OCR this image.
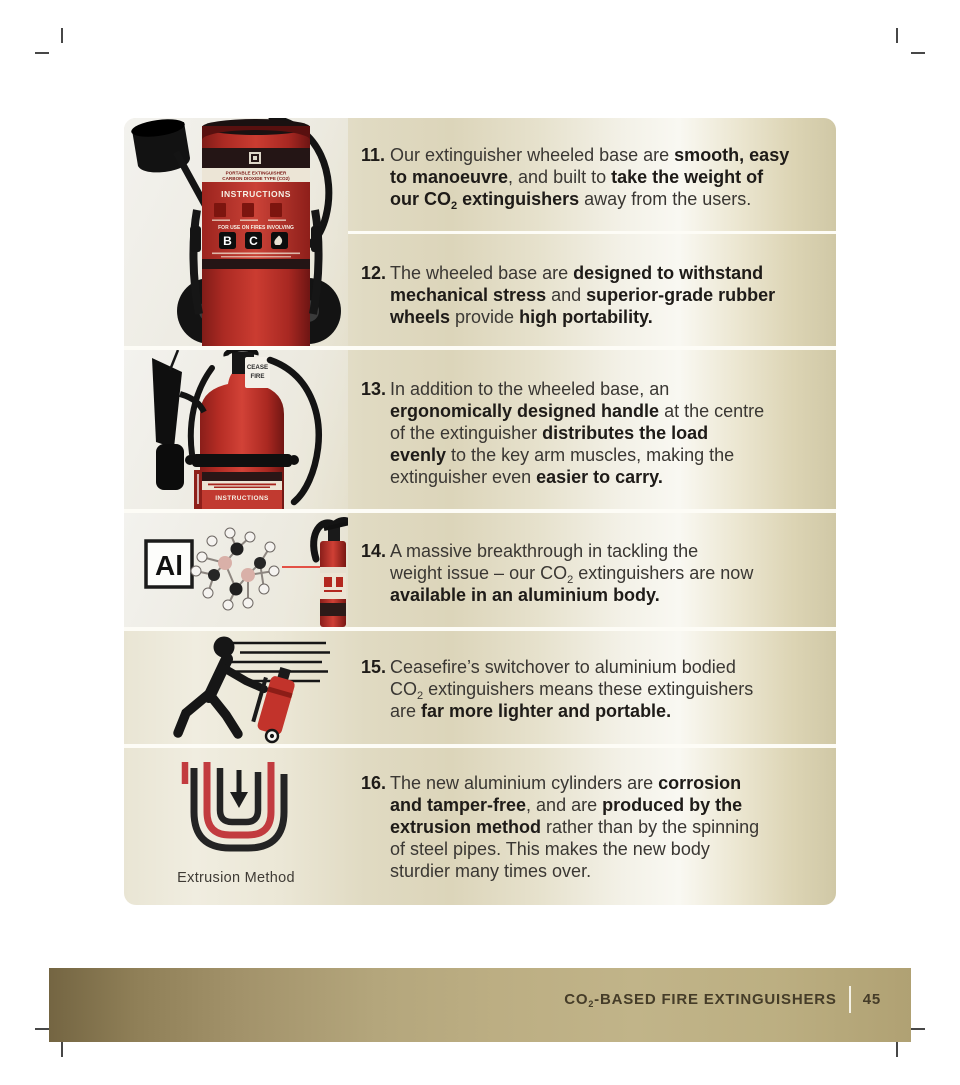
PORTABLE EXTINGUISHER
CARBON DIOXIDE TYPE (CO2)
INSTRUCTIONS
FOR USE ON FIRES INVOLVING
B C
INSTRUCTIONS
CEASE
FIRE
Al
Extrusion Method
11. Our extinguisher wheeled base are smooth, easy
to manoeuvre, and built to take the weight of
our $CO_2$ extinguishers away from the users.
12. The wheeled base are designed to withstand
mechanical stress and superior-grade rubber
wheels provide high portability.
13. In addition to the wheeled base, an
ergonomically designed handle at the centre
of the extinguisher distributes the load
evenly to the key arm muscles, making the
extinguisher even easier to carry.
14. A massive breakthrough in tackling the
weight issue – our $CO_2$ extinguishers are now
available in an aluminium body.
15. Ceasefire’s switchover to aluminium bodied
$CO_2$ extinguishers means these extinguishers
are far more lighter and portable.
16. The new aluminium cylinders are corrosion
and tamper-free, and are produced by the
extrusion method rather than by the spinning
of steel pipes. This makes the new body
sturdier many times over.
$CO_2$-BASED FIRE EXTINGUISHERS 45
